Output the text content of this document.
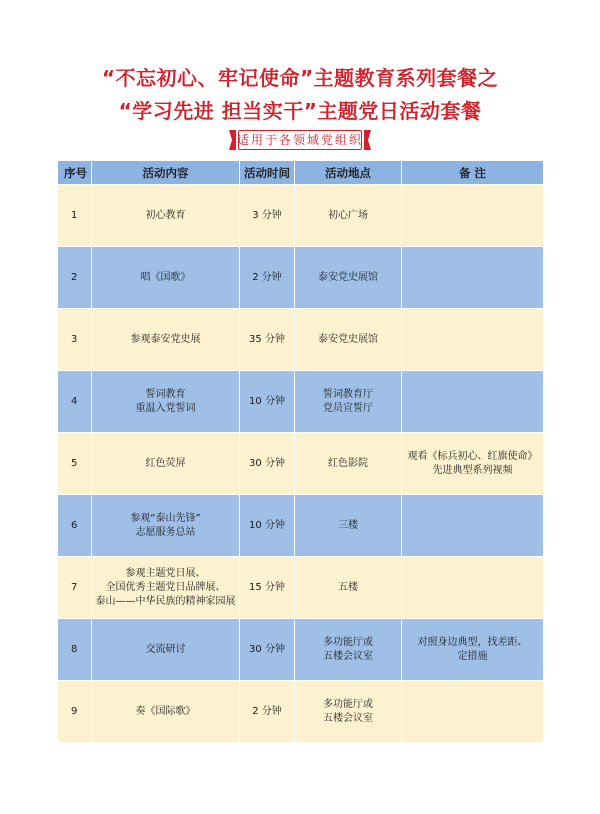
“不忘初心、牢记使命”主题教育系列套餐之
“学习先进 担当实干”主题党日活动套餐
适用于各领域党组织
序号	活动内容	活动时间	活动地点	备 注
1	初心教育	3 分钟	初心广场	
2	唱《国歌》	2 分钟	泰安党史展馆	
3	参观泰安党史展	35 分钟	泰安党史展馆	
4	誓词教育
重温入党誓词	10 分钟	誓词教育厅
党员宣誓厅	
5	红色荧屏	30 分钟	红色影院	观看《标兵初心、红旗使命》
先进典型系列视频
6	参观“泰山先锋”
志愿服务总站	10 分钟	三楼	
7	参观主题党日展、
全国优秀主题党日品牌展、
泰山——中华民族的精神家园展	15 分钟	五楼	
8	交流研讨	30 分钟	多功能厅或
五楼会议室	对照身边典型，找差距、
定措施
9	奏《国际歌》	2 分钟	多功能厅或
五楼会议室	
